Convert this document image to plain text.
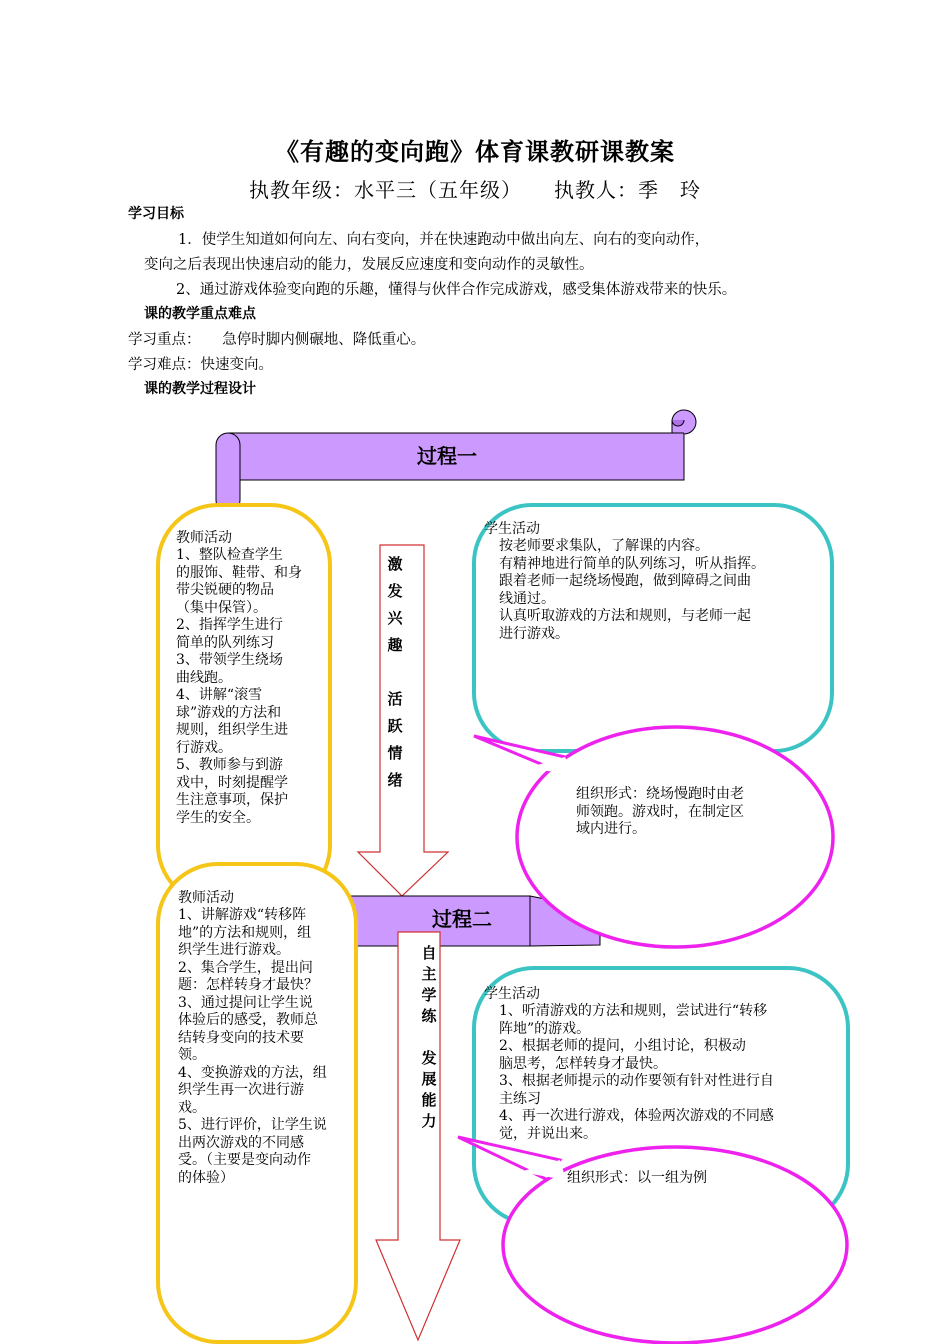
《有趣的变向跑》体育课教研课教案
执教年级：水平三（五年级） 执教人：季　玲
学习目标
1．使学生知道如何向左、向右变向，并在快速跑动中做出向左、向右的变向动作，
变向之后表现出快速启动的能力，发展反应速度和变向动作的灵敏性。
2、通过游戏体验变向跑的乐趣，懂得与伙伴合作完成游戏，感受集体游戏带来的快乐。
课的教学重点难点
学习重点：　　急停时脚内侧碾地、降低重心。
学习难点：快速变向。
课的教学过程设计
过程一
教师活动
1、整队检查学生
的服饰、鞋带、和身
带尖锐硬的物品
（集中保管）。
2、指挥学生进行
简单的队列练习
3、带领学生绕场
曲线跑。
4、讲解“滚雪
球”游戏的方法和
规则，组织学生进
行游戏。
5、教师参与到游
戏中，时刻提醒学
生注意事项，保护
学生的安全。
激
发
兴
趣

活
跃
情
绪
学生活动
按老师要求集队，了解课的内容。
有精神地进行简单的队列练习，听从指挥。
跟着老师一起绕场慢跑，做到障碍之间曲
线通过。
认真听取游戏的方法和规则，与老师一起
进行游戏。
组织形式：绕场慢跑时由老
师领跑。游戏时，在制定区
域内进行。
过程二
教师活动
1、讲解游戏“转移阵
地”的方法和规则，组
织学生进行游戏。
2、集合学生，提出问
题：怎样转身才最快？
3、通过提问让学生说
体验后的感受，教师总
结转身变向的技术要
领。
4、变换游戏的方法，组
织学生再一次进行游
戏。
5、进行评价，让学生说
出两次游戏的不同感
受。（主要是变向动作
的体验）
自
主
学
练

发
展
能
力
学生活动
1、听清游戏的方法和规则，尝试进行“转移
阵地”的游戏。
2、根据老师的提问，小组讨论，积极动
脑思考，怎样转身才最快。
3、根据老师提示的动作要领有针对性进行自
主练习
4、再一次进行游戏，体验两次游戏的不同感
觉，并说出来。
组织形式：以一组为例
